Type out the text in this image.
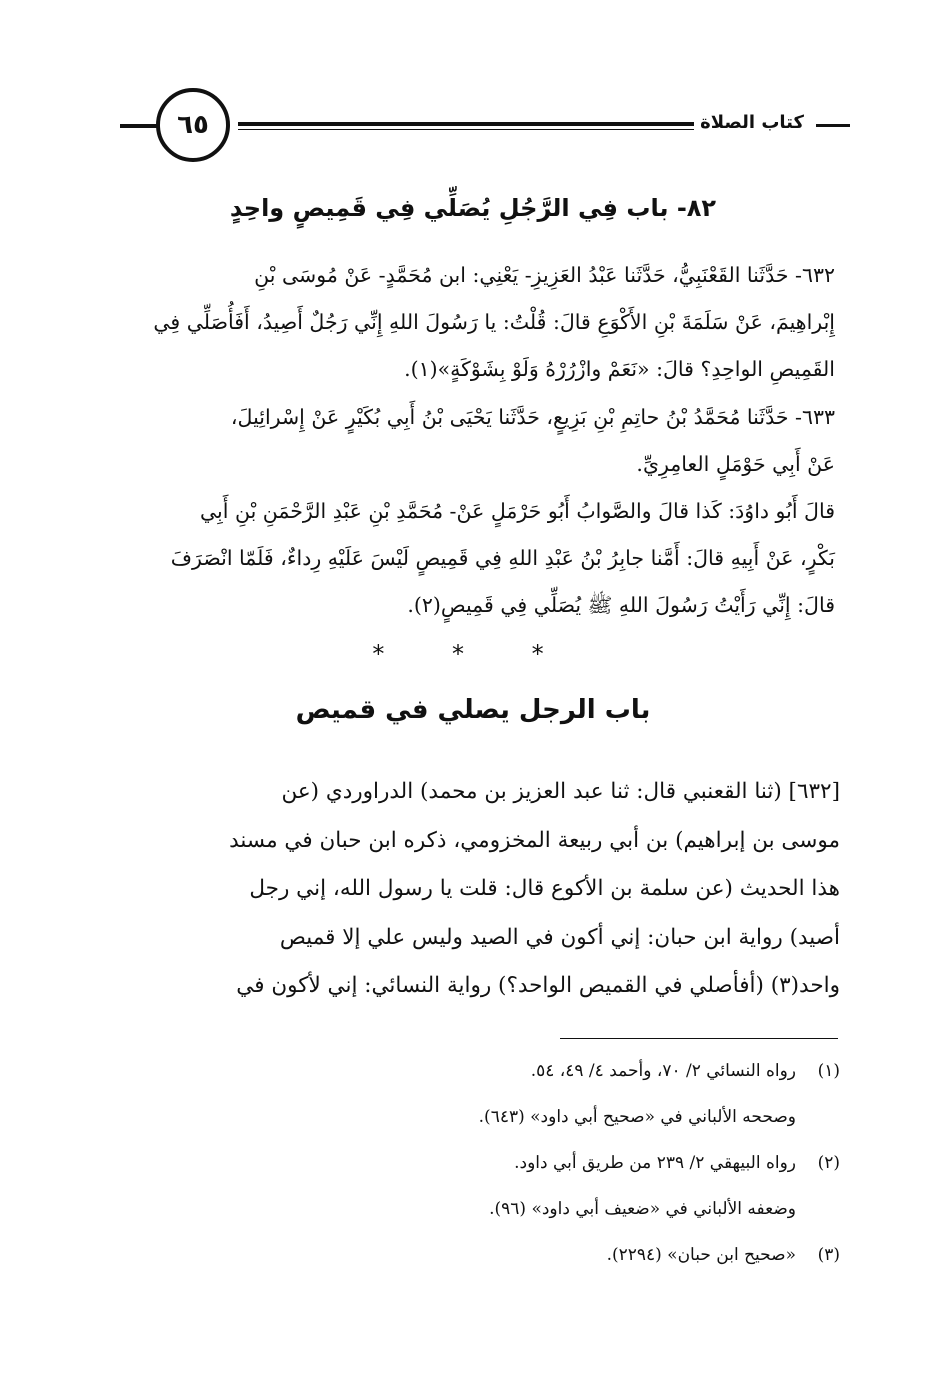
٦٥	كتاب الصلاة
٨٢- باب فِي الرَّجُلِ يُصَلِّي فِي قَمِيصٍ واحِدٍ
٦٣٢- حَدَّثَنا القَعْنَبِيُّ، حَدَّثَنا عَبْدُ العَزِيزِ- يَعْنِي: ابن مُحَمَّدٍ- عَنْ مُوسَى بْنِ
إِبْراهِيمَ، عَنْ سَلَمَةَ بْنِ الأَكْوَعِ قالَ: قُلْتُ: يا رَسُولَ اللهِ إِنِّي رَجُلٌ أَصِيدُ، أَفَأُصَلِّي فِي
القَمِيصِ الواحِدِ؟ قالَ: «نَعَمْ وازْرُرْهُ وَلَوْ بِشَوْكَةٍ»(١).
٦٣٣- حَدَّثَنا مُحَمَّدُ بْنُ حاتِمِ بْنِ بَزِيعٍ، حَدَّثَنا يَحْيَى بْنُ أَبِي بُكَيْرٍ عَنْ إِسْرائِيلَ،
عَنْ أَبِي حَوْمَلٍ العامِرِيِّ.
قالَ أَبُو داوُدَ: كَذا قالَ والصَّوابُ أَبُو حَرْمَلٍ عَنْ- مُحَمَّدِ بْنِ عَبْدِ الرَّحْمَنِ بْنِ أَبِي
بَكْرٍ، عَنْ أَبِيهِ قالَ: أَمَّنا جابِرُ بْنُ عَبْدِ اللهِ فِي قَمِيصٍ لَيْسَ عَلَيْهِ رِداءٌ، فَلَمّا انْصَرَفَ
قالَ: إِنِّي رَأَيْتُ رَسُولَ اللهِ ﷺ يُصَلِّي فِي قَمِيصٍ(٢).
* * *
باب الرجل يصلي في قميص
[٦٣٢] (ثنا القعنبي قال: ثنا عبد العزيز بن محمد) الدراوردي (عن
موسى بن إبراهيم) بن أبي ربيعة المخزومي، ذكره ابن حبان في مسند
هذا الحديث (عن سلمة بن الأكوع قال: قلت يا رسول الله، إني رجل
أصيد) رواية ابن حبان: إني أكون في الصيد وليس علي إلا قميص
واحد(٣) (أفأصلي في القميص الواحد؟) رواية النسائي: إني لأكون في
(١)رواه النسائي ٢/ ٧٠، وأحمد ٤/ ٤٩، ٥٤.
وصححه الألباني في «صحيح أبي داود» (٦٤٣).
(٢)رواه البيهقي ٢/ ٢٣٩ من طريق أبي داود.
وضعفه الألباني في «ضعيف أبي داود» (٩٦).
(٣)«صحيح ابن حبان» (٢٢٩٤).
